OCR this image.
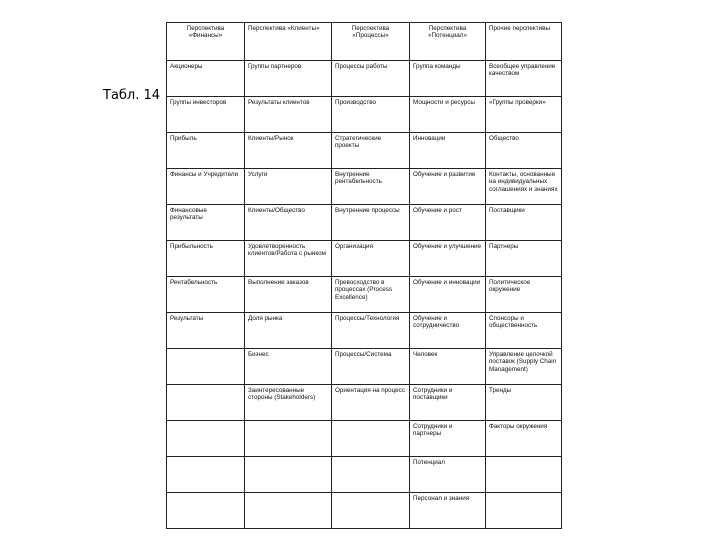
Табл. 14
Перспектива «Финансы»	Перспектива «Клиенты»	Перспектива «Процессы»	Перспектива «Потенциал»	Прочие перспективы
Акционеры	Группы партнеров	Процессы работы	Группа команды	Всеобщее управление качеством
Группы инвесторов	Результаты клиентов	Производство	Мощности и ресурсы	«Группы проверки»
Прибыль	Клиенты/Рынок	Стратегические проекты	Инновации	Общество
Финансы и Учредители	Услуги	Внутренние рентабельность	Обучение и развитие	Контакты, основанные на индивидуальных соглашениях и знаниях
Финансовые результаты	Клиенты/Общество	Внутренние процессы	Обучение и рост	Поставщики
Прибыльность	Удовлетворенность клиентов/Работа с рынком	Организация	Обучение и улучшение	Партнеры
Рентабельность	Выполнение заказов	Превосходство в процессах (Process Excellence)	Обучение и инновации	Политическое окружение
Результаты	Доля рынка	Процессы/Технология	Обучение и сотрудничество	Спонсоры и общественность
	Бизнес	Процессы/Система	Человек	Управление цепочкой поставок (Supply Chain Management)
	Заинтересованные стороны (Stakeholders)	Ориентация на процесс	Сотрудники и поставщики	Тренды
			Сотрудники и партнеры	Факторы окружения
			Потенциал	
			Персонал и знания	
